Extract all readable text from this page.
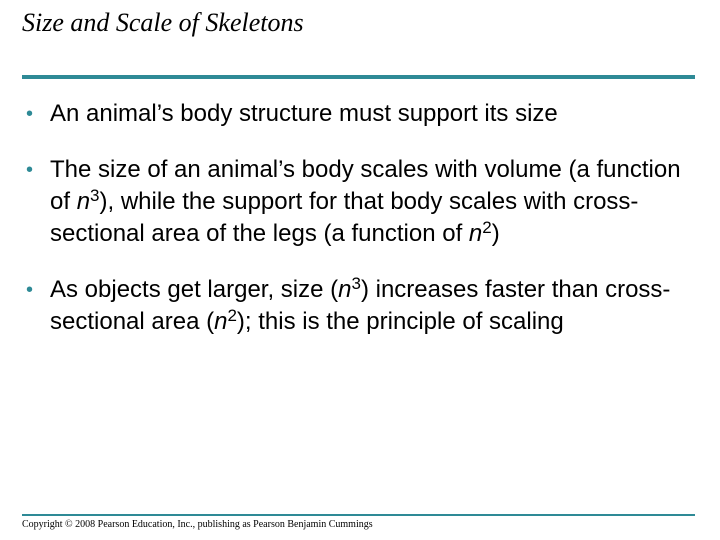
Size and Scale of Skeletons
• An animal’s body structure must support its size
• The size of an animal’s body scales with volume (a function of $n^3$), while the support for that body scales with cross-sectional area of the legs (a function of $n^2$)
• As objects get larger, size $(n^3)$ increases faster than cross-sectional area $(n^2)$; this is the principle of scaling
Copyright © 2008 Pearson Education, Inc., publishing as Pearson Benjamin Cummings
